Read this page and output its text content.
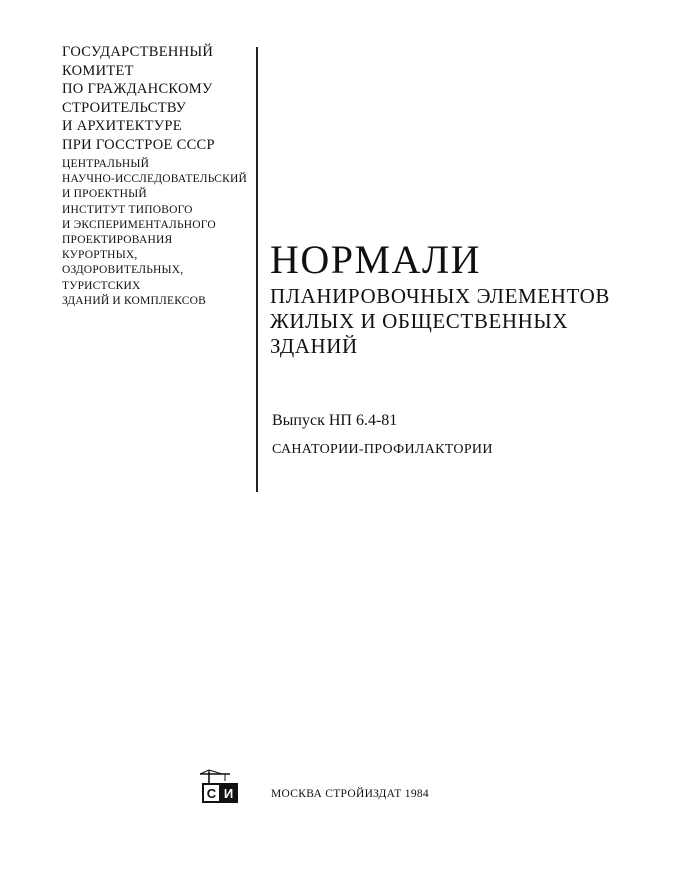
ГОСУДАРСТВЕННЫЙ
КОМИТЕТ
ПО ГРАЖДАНСКОМУ
СТРОИТЕЛЬСТВУ
И АРХИТЕКТУРЕ
ПРИ ГОССТРОЕ СССР
ЦЕНТРАЛЬНЫЙ
НАУЧНО-ИССЛЕДОВАТЕЛЬСКИЙ
И ПРОЕКТНЫЙ
ИНСТИТУТ ТИПОВОГО
И ЭКСПЕРИМЕНТАЛЬНОГО
ПРОЕКТИРОВАНИЯ
КУРОРТНЫХ,
ОЗДОРОВИТЕЛЬНЫХ,
ТУРИСТСКИХ
ЗДАНИЙ И КОМПЛЕКСОВ
НОРМАЛИ
ПЛАНИРОВОЧНЫХ ЭЛЕМЕНТОВ
ЖИЛЫХ И ОБЩЕСТВЕННЫХ
ЗДАНИЙ
Выпуск НП 6.4-81
САНАТОРИИ-ПРОФИЛАКТОРИИ
С И	МОСКВА СТРОЙИЗДАТ 1984
